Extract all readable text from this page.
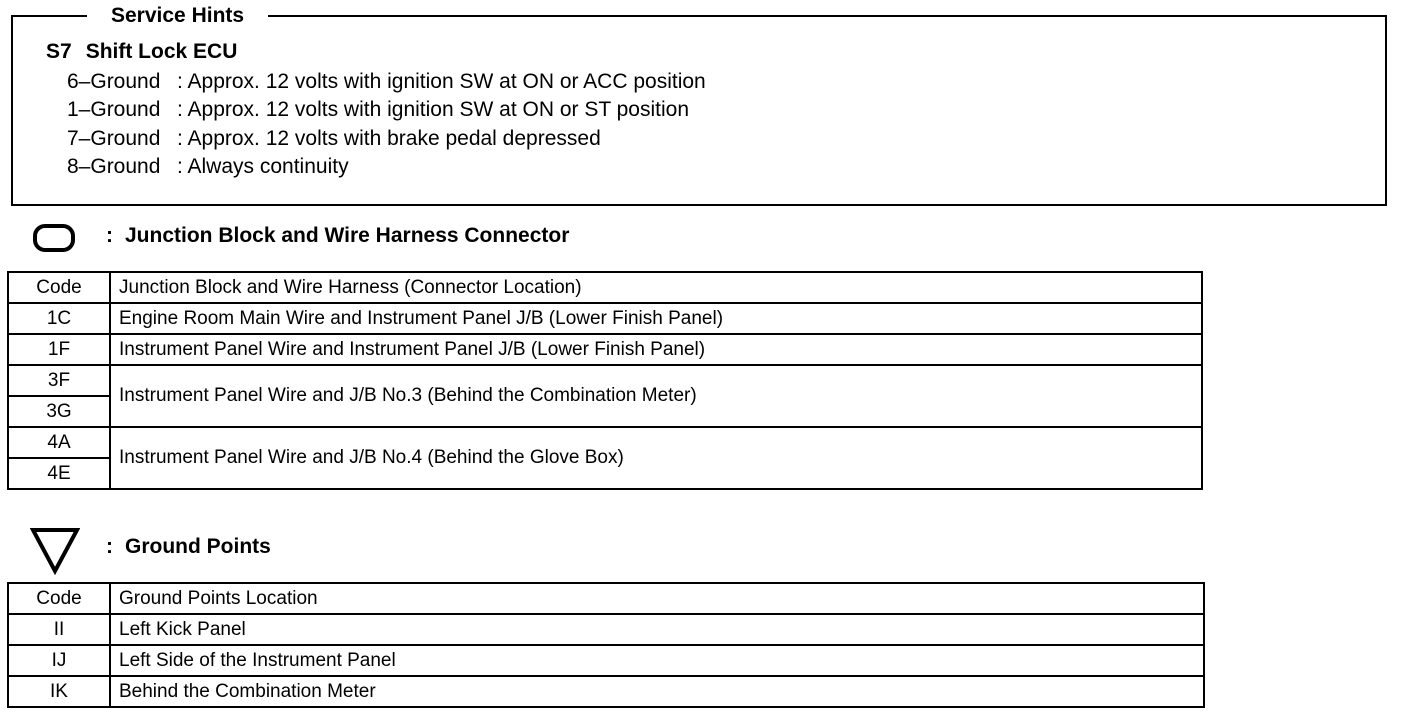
Service Hints
S7 Shift Lock ECU
6–Ground : Approx. 12 volts with ignition SW at ON or ACC position
1–Ground : Approx. 12 volts with ignition SW at ON or ST position
7–Ground : Approx. 12 volts with brake pedal depressed
8–Ground : Always continuity
: Junction Block and Wire Harness Connector
Code	Junction Block and Wire Harness (Connector Location)
1C	Engine Room Main Wire and Instrument Panel J/B (Lower Finish Panel)
1F	Instrument Panel Wire and Instrument Panel J/B (Lower Finish Panel)
3F	Instrument Panel Wire and J/B No.3 (Behind the Combination Meter)
3G	
4A	Instrument Panel Wire and J/B No.4 (Behind the Glove Box)
4E	
: Ground Points
Code	Ground Points Location
II	Left Kick Panel
IJ	Left Side of the Instrument Panel
IK	Behind the Combination Meter
